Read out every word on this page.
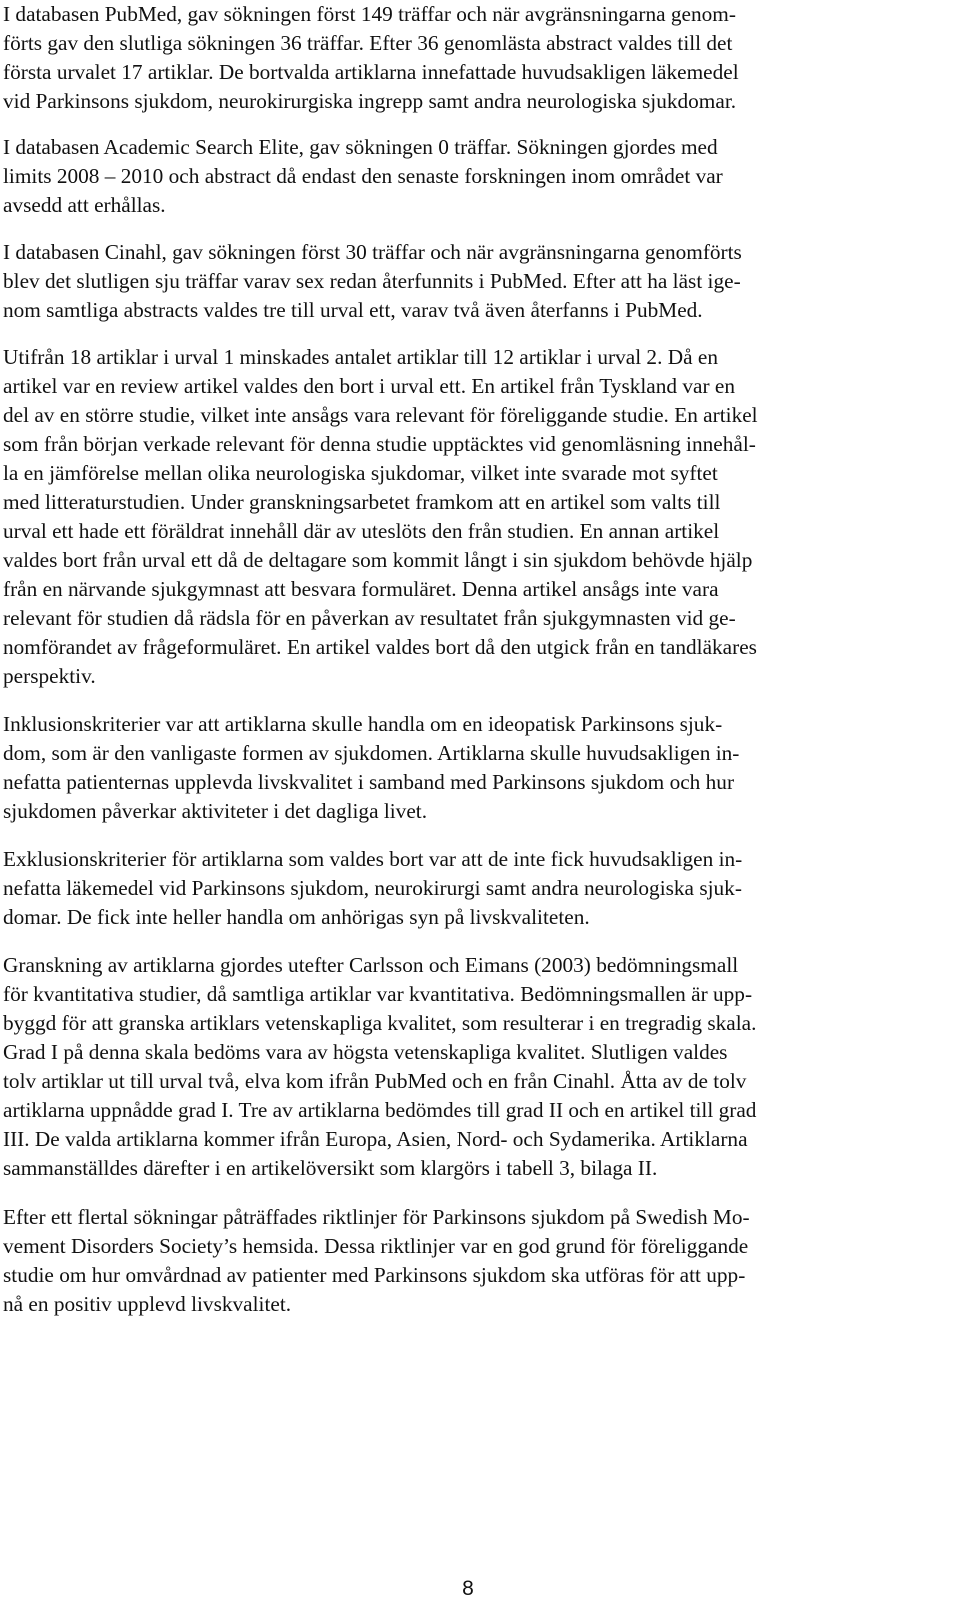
I databasen PubMed, gav sökningen först 149 träffar och när avgränsningarna genom-
förts gav den slutliga sökningen 36 träffar. Efter 36 genomlästa abstract valdes till det
första urvalet 17 artiklar. De bortvalda artiklarna innefattade huvudsakligen läkemedel
vid Parkinsons sjukdom, neurokirurgiska ingrepp samt andra neurologiska sjukdomar.

I databasen Academic Search Elite, gav sökningen 0 träffar. Sökningen gjordes med
limits 2008 – 2010 och abstract då endast den senaste forskningen inom området var
avsedd att erhållas.

I databasen Cinahl, gav sökningen först 30 träffar och när avgränsningarna genomförts
blev det slutligen sju träffar varav sex redan återfunnits i PubMed. Efter att ha läst ige-
nom samtliga abstracts valdes tre till urval ett, varav två även återfanns i PubMed.

Utifrån 18 artiklar i urval 1 minskades antalet artiklar till 12 artiklar i urval 2. Då en
artikel var en review artikel valdes den bort i urval ett. En artikel från Tyskland var en
del av en större studie, vilket inte ansågs vara relevant för föreliggande studie. En artikel
som från början verkade relevant för denna studie upptäcktes vid genomläsning innehål-
la en jämförelse mellan olika neurologiska sjukdomar, vilket inte svarade mot syftet
med litteraturstudien. Under granskningsarbetet framkom att en artikel som valts till
urval ett hade ett föräldrat innehåll där av uteslöts den från studien. En annan artikel
valdes bort från urval ett då de deltagare som kommit långt i sin sjukdom behövde hjälp
från en närvande sjukgymnast att besvara formuläret. Denna artikel ansågs inte vara
relevant för studien då rädsla för en påverkan av resultatet från sjukgymnasten vid ge-
nomförandet av frågeformuläret. En artikel valdes bort då den utgick från en tandläkares
perspektiv.

Inklusionskriterier var att artiklarna skulle handla om en ideopatisk Parkinsons sjuk-
dom, som är den vanligaste formen av sjukdomen. Artiklarna skulle huvudsakligen in-
nefatta patienternas upplevda livskvalitet i samband med Parkinsons sjukdom och hur
sjukdomen påverkar aktiviteter i det dagliga livet.

Exklusionskriterier för artiklarna som valdes bort var att de inte fick huvudsakligen in-
nefatta läkemedel vid Parkinsons sjukdom, neurokirurgi samt andra neurologiska sjuk-
domar. De fick inte heller handla om anhörigas syn på livskvaliteten.

Granskning av artiklarna gjordes utefter Carlsson och Eimans (2003) bedömningsmall
för kvantitativa studier, då samtliga artiklar var kvantitativa. Bedömningsmallen är upp-
byggd för att granska artiklars vetenskapliga kvalitet, som resulterar i en tregradig skala.
Grad I på denna skala bedöms vara av högsta vetenskapliga kvalitet. Slutligen valdes
tolv artiklar ut till urval två, elva kom ifrån PubMed och en från Cinahl. Åtta av de tolv
artiklarna uppnådde grad I. Tre av artiklarna bedömdes till grad II och en artikel till grad
III. De valda artiklarna kommer ifrån Europa, Asien, Nord- och Sydamerika. Artiklarna
sammanställdes därefter i en artikelöversikt som klargörs i tabell 3, bilaga II.

Efter ett flertal sökningar påträffades riktlinjer för Parkinsons sjukdom på Swedish Mo-
vement Disorders Society’s hemsida. Dessa riktlinjer var en god grund för föreliggande
studie om hur omvårdnad av patienter med Parkinsons sjukdom ska utföras för att upp-
nå en positiv upplevd livskvalitet.

8
